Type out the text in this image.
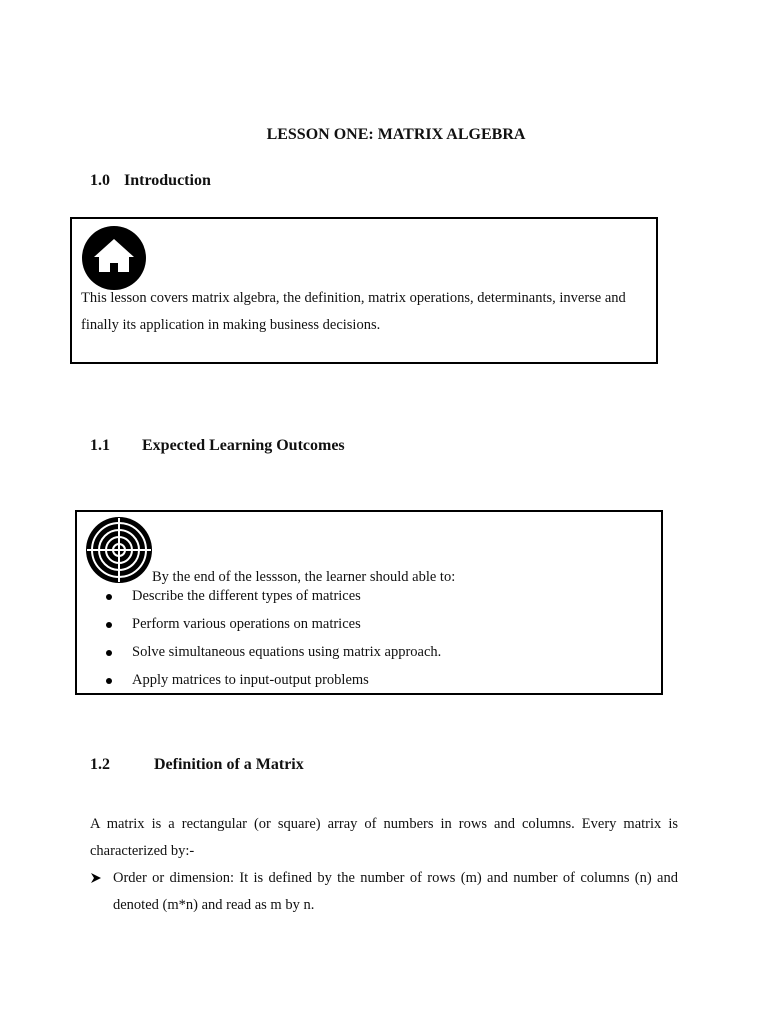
LESSON ONE: MATRIX ALGEBRA
1.0 Introduction
This lesson covers matrix algebra, the definition, matrix operations, determinants, inverse and finally its application in making business decisions.
1.1 Expected Learning Outcomes
By the end of the lessson, the learner should able to:
Describe the different types of matrices
Perform various operations on matrices
Solve simultaneous equations using matrix approach.
Apply matrices to input-output problems
1.2	Definition of a Matrix
A matrix is a rectangular (or square) array of numbers in rows and columns. Every matrix is characterized by:-
Order or dimension: It is defined by the number of rows (m) and number of columns (n) and denoted (m*n) and read as m by n.
